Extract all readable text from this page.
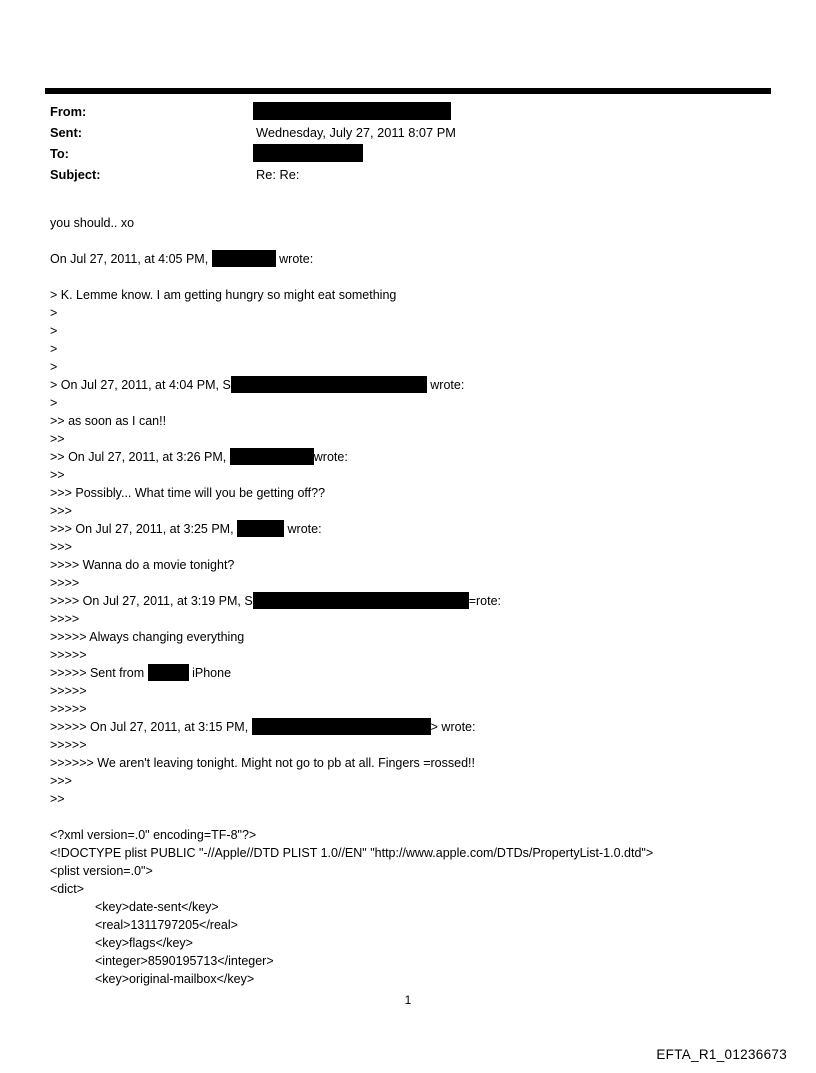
From:
Sent:	Wednesday, July 27, 2011 8:07 PM
To:
Subject:	Re: Re:
you should.. xo

On Jul 27, 2011, at 4:05 PM,	wrote:

> K. Lemme know. I am getting hungry so might eat something
>
>
>
>
> On Jul 27, 2011, at 4:04 PM, S	wrote:
>
>> as soon as I can!!
>>
>> On Jul 27, 2011, at 3:26 PM,	wrote:
>>
>>> Possibly... What time will you be getting off??
>>>
>>> On Jul 27, 2011, at 3:25 PM,	wrote:
>>>
>>>> Wanna do a movie tonight?
>>>>
>>>> On Jul 27, 2011, at 3:19 PM, S	=rote:
>>>>
>>>>> Always changing everything
>>>>>
>>>>> Sent from	iPhone
>>>>>
>>>>>
>>>>> On Jul 27, 2011, at 3:15 PM,	> wrote:
>>>>>
>>>>>> We aren't leaving tonight. Might not go to pb at all. Fingers =rossed!!
>>>
>>

<?xml version=.0" encoding=TF-8"?>
<!DOCTYPE plist PUBLIC "-//Apple//DTD PLIST 1.0//EN" "http://www.apple.com/DTDs/PropertyList-1.0.dtd">
<plist version=.0">
<dict>
<key>date-sent</key>
<real>1311797205</real>
<key>flags</key>
<integer>8590195713</integer>
<key>original-mailbox</key>
1
EFTA_R1_01236673
